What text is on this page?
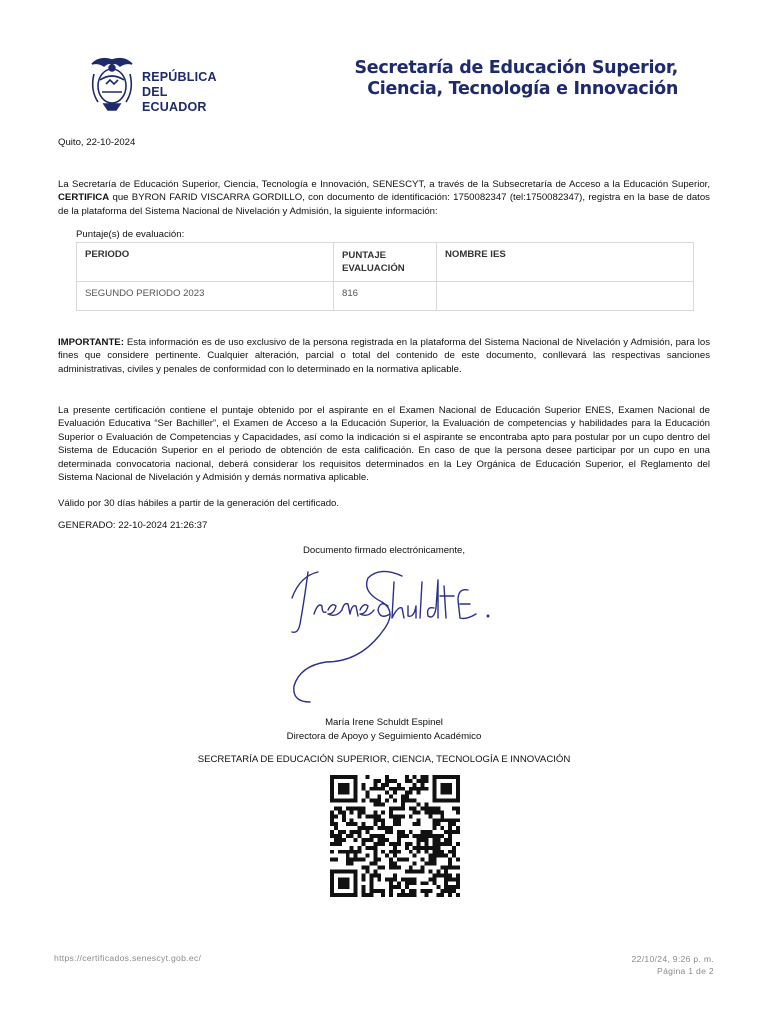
REPÚBLICA
DEL ECUADOR
Secretaría de Educación Superior,
Ciencia, Tecnología e Innovación
Quito, 22-10-2024
La Secretaría de Educación Superior, Ciencia, Tecnología e Innovación, SENESCYT, a través de la Subsecretaría de Acceso a la Educación Superior, CERTIFICA que BYRON FARID VISCARRA GORDILLO, con documento de identificación: 1750082347 (tel:1750082347), registra en la base de datos de la plataforma del Sistema Nacional de Nivelación y Admisión, la siguiente información:
Puntaje(s) de evaluación:
PERIODO	PUNTAJE EVALUACIÓN	NOMBRE IES
SEGUNDO PERIODO 2023	816	
IMPORTANTE: Esta información es de uso exclusivo de la persona registrada en la plataforma del Sistema Nacional de Nivelación y Admisión, para los fines que considere pertinente. Cualquier alteración, parcial o total del contenido de este documento, conllevará las respectivas sanciones administrativas, civiles y penales de conformidad con lo determinado en la normativa aplicable.
La presente certificación contiene el puntaje obtenido por el aspirante en el Examen Nacional de Educación Superior ENES, Examen Nacional de Evaluación Educativa “Ser Bachiller”, el Examen de Acceso a la Educación Superior, la Evaluación de competencias y habilidades para la Educación Superior o Evaluación de Competencias y Capacidades, así como la indicación si el aspirante se encontraba apto para postular por un cupo dentro del Sistema de Educación Superior en el periodo de obtención de esta calificación. En caso de que la persona desee participar por un cupo en una determinada convocatoria nacional, deberá considerar los requisitos determinados en la Ley Orgánica de Educación Superior, el Reglamento del Sistema Nacional de Nivelación y Admisión y demás normativa aplicable.
Válido por 30 días hábiles a partir de la generación del certificado.
GENERADO: 22-10-2024 21:26:37
Documento firmado electrónicamente,
María Irene Schuldt Espinel
Directora de Apoyo y Seguimiento Académico
SECRETARÍA DE EDUCACIÓN SUPERIOR, CIENCIA, TECNOLOGÍA E INNOVACIÓN
https://certificados.senescyt.gob.ec/	22/10/24, 9:26 p. m.
Página 1 de 2
